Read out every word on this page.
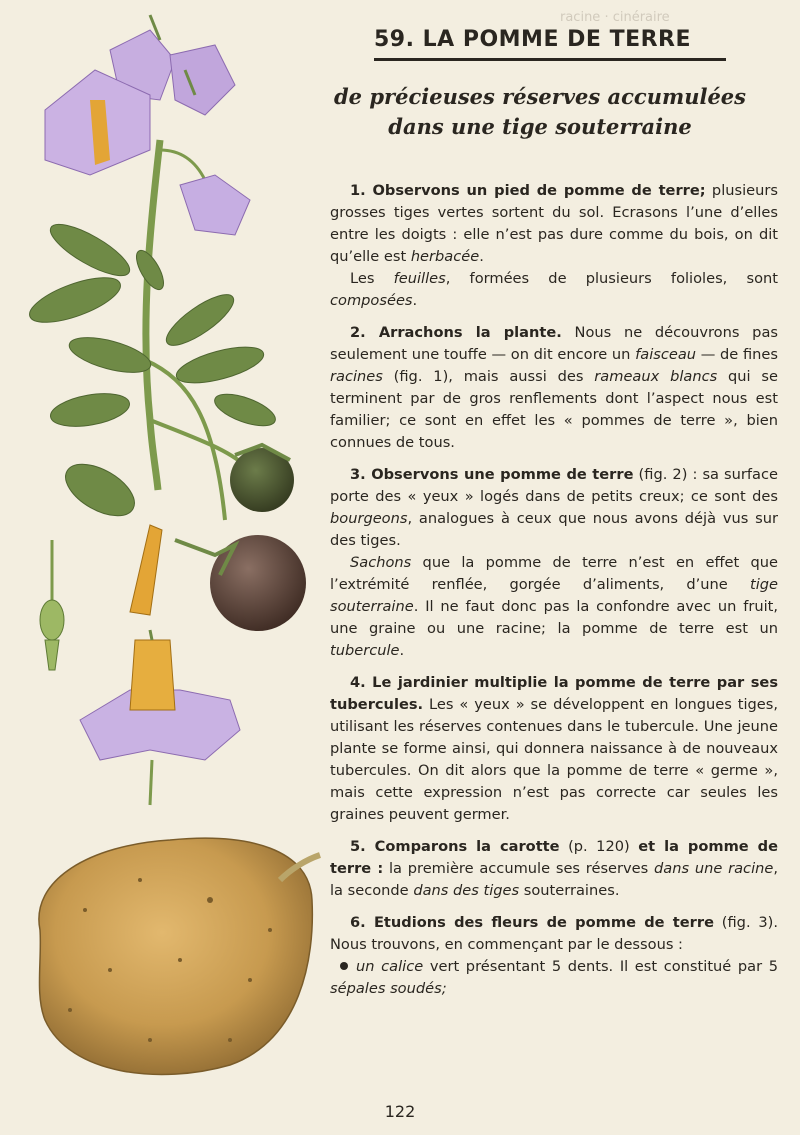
racine · cinéraire
59. LA POMME DE TERRE
de précieuses réserves accumulées
dans une tige souterraine

1. Observons un pied de pomme de terre; plusieurs grosses tiges vertes sortent du sol. Ecrasons l’une d’elles entre les doigts : elle n’est pas dure comme du bois, on dit qu’elle est herbacée.

Les feuilles, formées de plusieurs folioles, sont composées.

2. Arrachons la plante. Nous ne découvrons pas seulement une touffe — on dit encore un faisceau — de fines racines (fig. 1), mais aussi des rameaux blancs qui se terminent par de gros renflements dont l’aspect nous est familier; ce sont en effet les « pommes de terre », bien connues de tous.

3. Observons une pomme de terre (fig. 2) : sa surface porte des « yeux » logés dans de petits creux; ce sont des bourgeons, analogues à ceux que nous avons déjà vus sur des tiges.

Sachons que la pomme de terre n’est en effet que l’extrémité renflée, gorgée d’aliments, d’une tige souterraine. Il ne faut donc pas la confondre avec un fruit, une graine ou une racine; la pomme de terre est un tubercule.

4. Le jardinier multiplie la pomme de terre par ses tubercules. Les « yeux » se développent en longues tiges, utilisant les réserves contenues dans le tubercule. Une jeune plante se forme ainsi, qui donnera naissance à de nouveaux tubercules. On dit alors que la pomme de terre « germe », mais cette expression n’est pas correcte car seules les graines peuvent germer.

5. Comparons la carotte (p. 120) et la pomme de terre : la première accumule ses réserves dans une racine, la seconde dans des tiges souterraines.

6. Etudions des fleurs de pomme de terre (fig. 3). Nous trouvons, en commençant par le dessous :

un calice vert présentant 5 dents. Il est constitué par 5 sépales soudés;

122
